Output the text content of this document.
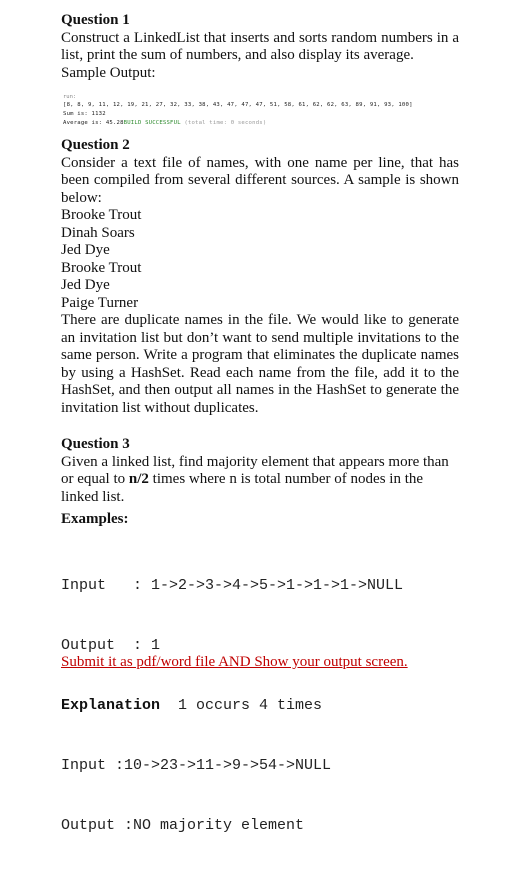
Question 1

Construct a LinkedList that inserts and sorts random numbers in a list, print the sum of numbers, and also display its average.

Sample Output:

run:
[8, 8, 9, 11, 12, 19, 21, 27, 32, 33, 38, 43, 47, 47, 47, 51, 58, 61, 62, 62, 63, 89, 91, 93, 100]
Sum is: 1132
Average is: 45.28BUILD SUCCESSFUL (total time: 0 seconds)

Question 2

Consider a text file of names, with one name per line, that has been compiled from several different sources. A sample is shown below:

Brooke Trout

Dinah Soars

Jed Dye

Brooke Trout

Jed Dye

Paige Turner

There are duplicate names in the file. We would like to generate an invitation list but don’t want to send multiple invitations to the same person. Write a program that eliminates the duplicate names by using a HashSet. Read each name from the file, add it to the HashSet, and then output all names in the HashSet to generate the invitation list without duplicates.

Question 3

Given a linked list, find majority element that appears more than or equal to n/2 times where n is total number of nodes in the linked list.

Examples:

Input   : 1->2->3->4->5->1->1->1->NULL

Output  : 1

Explanation  1 occurs 4 times

Input :10->23->11->9->54->NULL

Output :NO majority element

Submit it as pdf/word file AND Show your output screen.
